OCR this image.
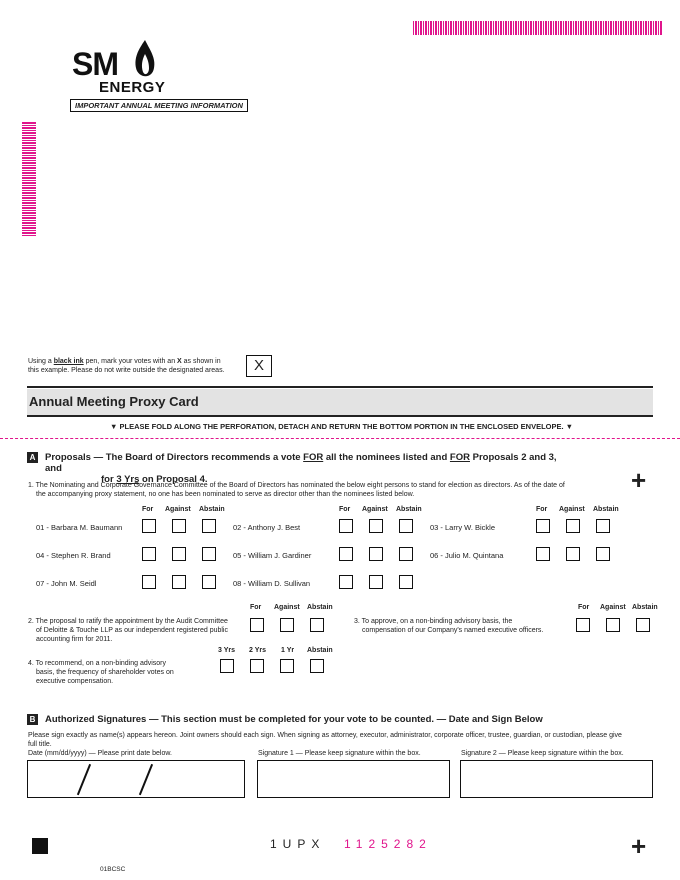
SM
ENERGY
IMPORTANT ANNUAL MEETING INFORMATION
Using a black ink pen, mark your votes with an X as shown in
this example. Please do not write outside the designated areas.	X
Annual Meeting Proxy Card
▼ PLEASE FOLD ALONG THE PERFORATION, DETACH AND RETURN THE BOTTOM PORTION IN THE ENCLOSED ENVELOPE. ▼
A Proposals — The Board of Directors recommends a vote FOR all the nominees listed and FOR Proposals 2 and 3, and
for 3 Yrs on Proposal 4.	+
1. The Nominating and Corporate Governance Committee of the Board of Directors has nominated the below eight persons to stand for election as directors. As of the date of
the accompanying proxy statement, no one has been nominated to serve as director other than the nominees listed below.
For Against Abstain	For Against Abstain	For Against Abstain
01 - Barbara M. Baumann	02 - Anthony J. Best	03 - Larry W. Bickle
04 - Stephen R. Brand	05 - William J. Gardiner	06 - Julio M. Quintana
07 - John M. Seidl	08 - William D. Sullivan
For Against Abstain
2. The proposal to ratify the appointment by the Audit Committee
of Deloitte & Touche LLP as our independent registered public
accounting firm for 2011.
For Against Abstain
3. To approve, on a non-binding advisory basis, the
compensation of our Company's named executive officers.
3 Yrs 2 Yrs 1 Yr Abstain
4. To recommend, on a non-binding advisory
basis, the frequency of shareholder votes on
executive compensation.
B Authorized Signatures — This section must be completed for your vote to be counted. — Date and Sign Below
Please sign exactly as name(s) appears hereon. Joint owners should each sign. When signing as attorney, executor, administrator, corporate officer, trustee, guardian, or custodian, please give
full title.
Date (mm/dd/yyyy) — Please print date below.	Signature 1 — Please keep signature within the box.	Signature 2 — Please keep signature within the box.
1UPX 1125282	+
01BCSC
